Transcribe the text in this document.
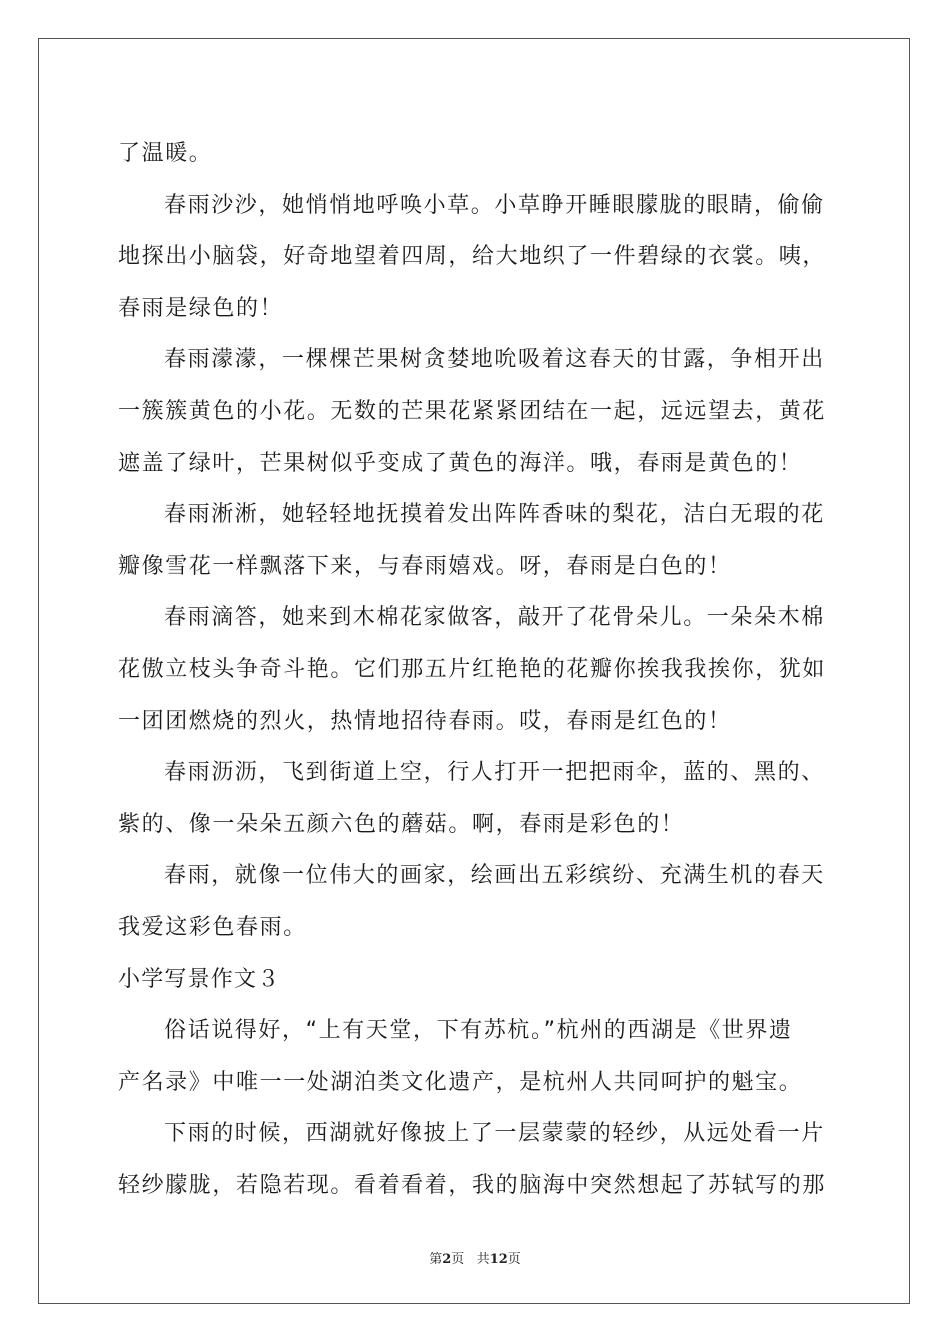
了温暖。
春雨沙沙，她悄悄地呼唤小草。小草睁开睡眼朦胧的眼睛，偷偷
地探出小脑袋，好奇地望着四周，给大地织了一件碧绿的衣裳。咦，
春雨是绿色的！
春雨濛濛，一棵棵芒果树贪婪地吮吸着这春天的甘露，争相开出
一簇簇黄色的小花。无数的芒果花紧紧团结在一起，远远望去，黄花
遮盖了绿叶，芒果树似乎变成了黄色的海洋。哦，春雨是黄色的！
春雨淅淅，她轻轻地抚摸着发出阵阵香味的梨花，洁白无瑕的花
瓣像雪花一样飘落下来，与春雨嬉戏。呀，春雨是白色的！
春雨滴答，她来到木棉花家做客，敲开了花骨朵儿。一朵朵木棉
花傲立枝头争奇斗艳。它们那五片红艳艳的花瓣你挨我我挨你，犹如
一团团燃烧的烈火，热情地招待春雨。哎，春雨是红色的！
春雨沥沥，飞到街道上空，行人打开一把把雨伞，蓝的、黑的、
紫的、像一朵朵五颜六色的蘑菇。啊，春雨是彩色的！
春雨，就像一位伟大的画家，绘画出五彩缤纷、充满生机的春天
我爱这彩色春雨。
小学写景作文３
俗话说得好，“上有天堂，下有苏杭。”杭州的西湖是《世界遗
产名录》中唯一一处湖泊类文化遗产，是杭州人共同呵护的魁宝。
下雨的时候，西湖就好像披上了一层蒙蒙的轻纱，从远处看一片
轻纱朦胧，若隐若现。看着看着，我的脑海中突然想起了苏轼写的那
第2页 共12页
